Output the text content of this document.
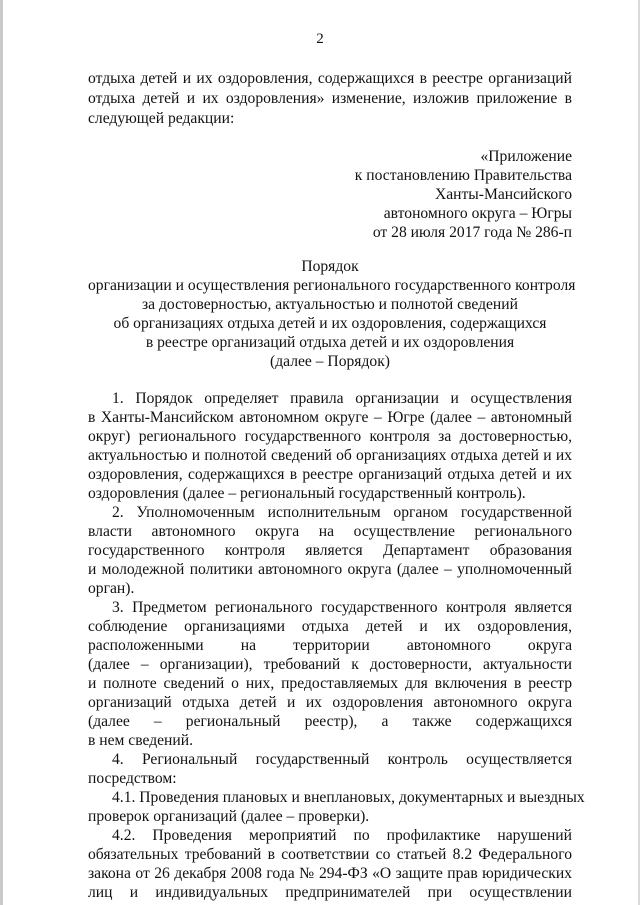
2
отдыха детей и их оздоровления, содержащихся в реестре организаций
отдыха детей и их оздоровления» изменение, изложив приложение в
следующей редакции:
«Приложение
к постановлению Правительства
Ханты-Мансийского
автономного округа – Югры
от 28 июля 2017 года № 286-п
Порядок
организации и осуществления регионального государственного контроля
за достоверностью, актуальностью и полнотой сведений
об организациях отдыха детей и их оздоровления, содержащихся
в реестре организаций отдыха детей и их оздоровления
(далее – Порядок)
1. Порядок определяет правила организации и осуществления
в Ханты-Мансийском автономном округе – Югре (далее – автономный
округ) регионального государственного контроля за достоверностью,
актуальностью и полнотой сведений об организациях отдыха детей и их
оздоровления, содержащихся в реестре организаций отдыха детей и их
оздоровления (далее – региональный государственный контроль).
2. Уполномоченным исполнительным органом государственной
власти автономного округа на осуществление регионального
государственного контроля является Департамент образования
и молодежной политики автономного округа (далее – уполномоченный
орган).
3. Предметом регионального государственного контроля является
соблюдение организациями отдыха детей и их оздоровления,
расположенными на территории автономного округа
(далее – организации), требований к достоверности, актуальности
и полноте сведений о них, предоставляемых для включения в реестр
организаций отдыха детей и их оздоровления автономного округа
(далее – региональный реестр), а также содержащихся
в нем сведений.
4. Региональный государственный контроль осуществляется
посредством:
4.1. Проведения плановых и внеплановых, документарных и выездных
проверок организаций (далее – проверки).
4.2. Проведения мероприятий по профилактике нарушений
обязательных требований в соответствии со статьей 8.2 Федерального
закона от 26 декабря 2008 года № 294-ФЗ «О защите прав юридических
лиц и индивидуальных предпринимателей при осуществлении
